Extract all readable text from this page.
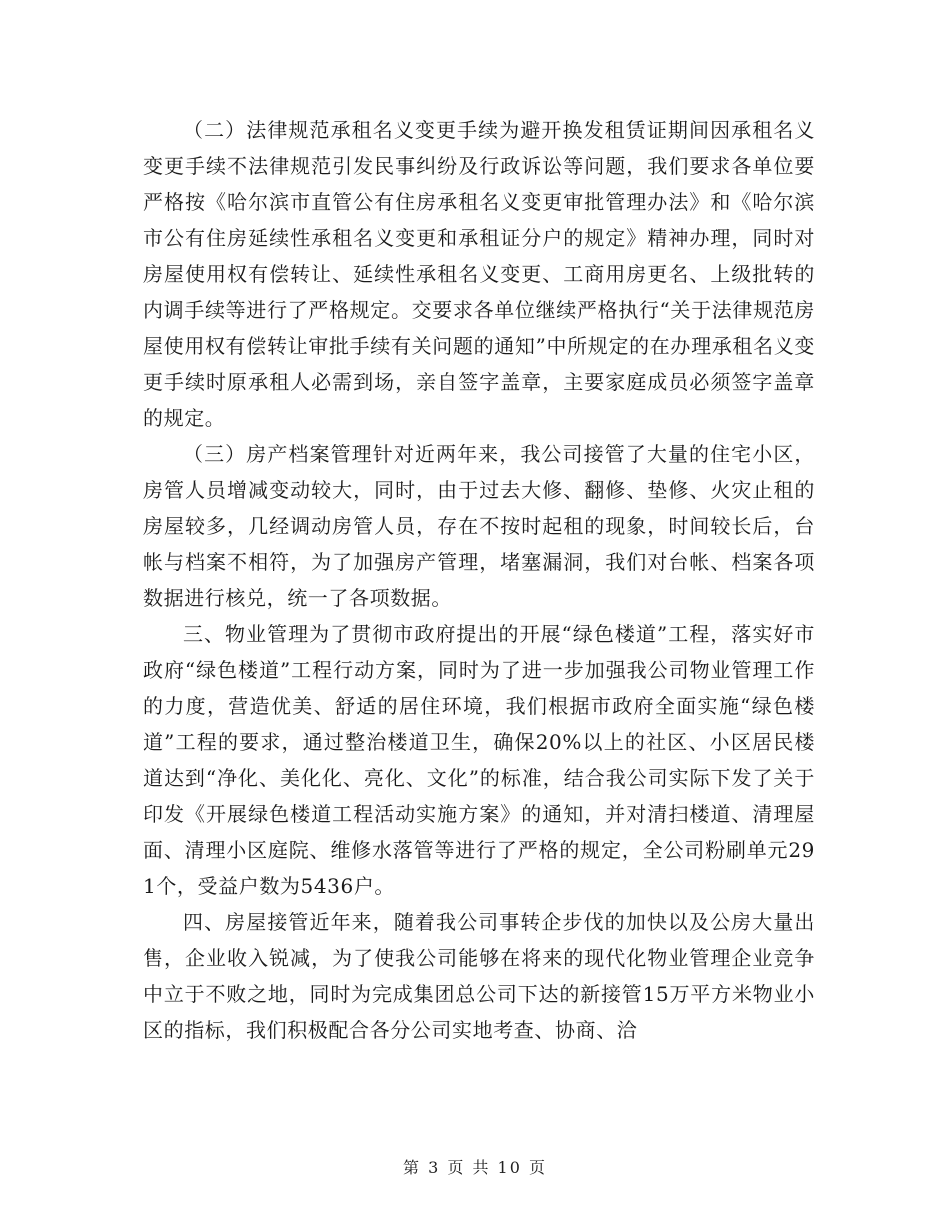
（二）法律规范承租名义变更手续为避开换发租赁证期间因承租名义变更手续不法律规范引发民事纠纷及行政诉讼等问题，我们要求各单位要严格按《哈尔滨市直管公有住房承租名义变更审批管理办法》和《哈尔滨市公有住房延续性承租名义变更和承租证分户的规定》精神办理，同时对房屋使用权有偿转让、延续性承租名义变更、工商用房更名、上级批转的内调手续等进行了严格规定。交要求各单位继续严格执行“关于法律规范房屋使用权有偿转让审批手续有关问题的通知”中所规定的在办理承租名义变更手续时原承租人必需到场，亲自签字盖章，主要家庭成员必须签字盖章的规定。

（三）房产档案管理针对近两年来，我公司接管了大量的住宅小区，房管人员增减变动较大，同时，由于过去大修、翻修、垫修、火灾止租的房屋较多，几经调动房管人员，存在不按时起租的现象，时间较长后，台帐与档案不相符，为了加强房产管理，堵塞漏洞，我们对台帐、档案各项数据进行核兑，统一了各项数据。

三、物业管理为了贯彻市政府提出的开展“绿色楼道”工程，落实好市政府“绿色楼道”工程行动方案，同时为了进一步加强我公司物业管理工作的力度，营造优美、舒适的居住环境，我们根据市政府全面实施“绿色楼道”工程的要求，通过整治楼道卫生，确保20%以上的社区、小区居民楼道达到“净化、美化化、亮化、文化”的标准，结合我公司实际下发了关于印发《开展绿色楼道工程活动实施方案》的通知，并对清扫楼道、清理屋面、清理小区庭院、维修水落管等进行了严格的规定，全公司粉刷单元291个，受益户数为5436户。

四、房屋接管近年来，随着我公司事转企步伐的加快以及公房大量出售，企业收入锐减，为了使我公司能够在将来的现代化物业管理企业竞争中立于不败之地，同时为完成集团总公司下达的新接管15万平方米物业小区的指标，我们积极配合各分公司实地考查、协商、洽

第 3 页 共 10 页
